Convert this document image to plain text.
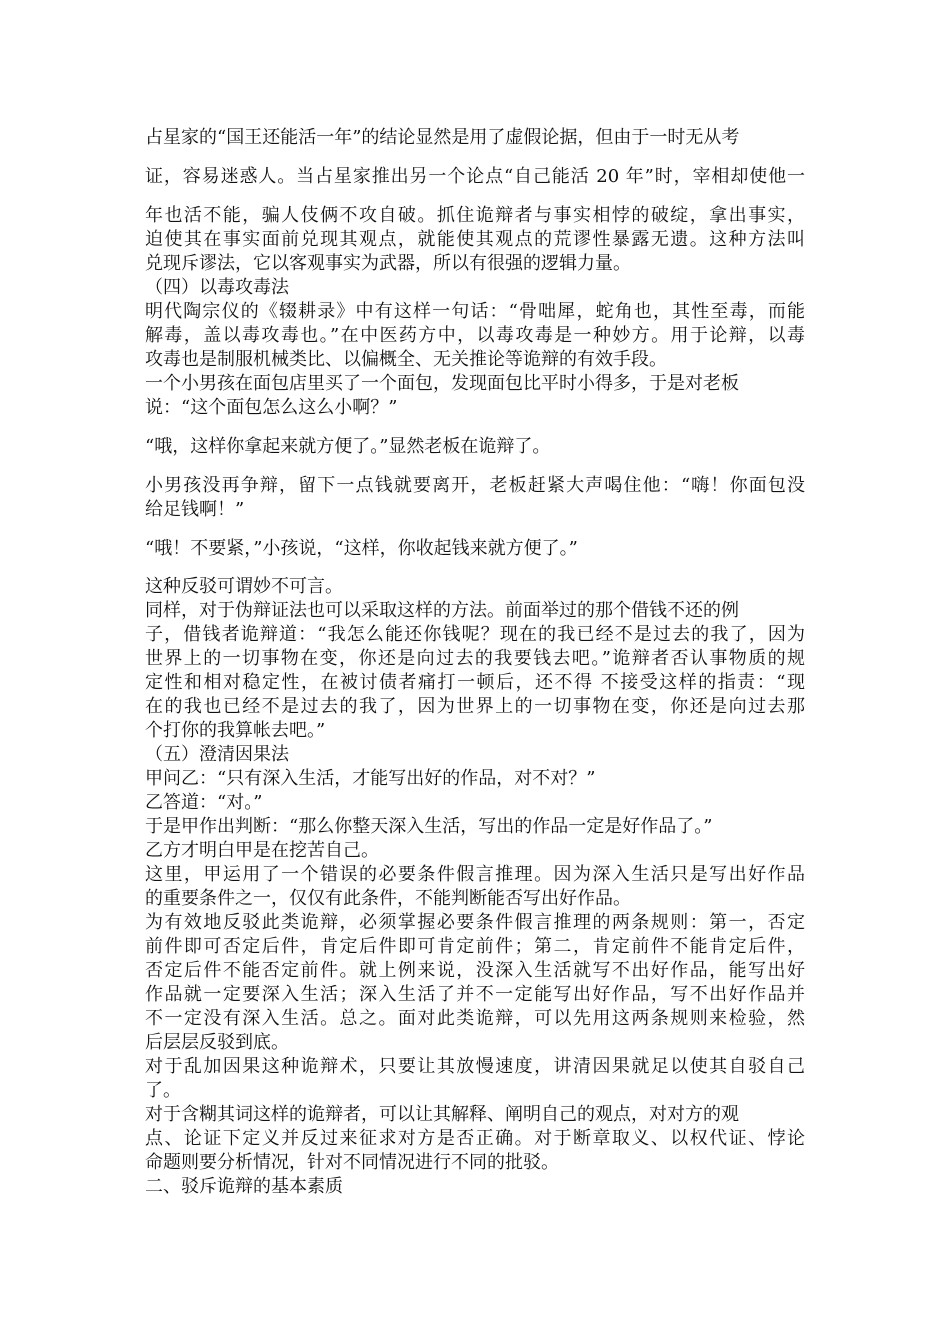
占星家的“国王还能活一年”的结论显然是用了虚假论据，但由于一时无从考
证，容易迷惑人。当占星家推出另一个论点“自己能活 20 年”时，宰相却使他一
年也活不能，骗人伎俩不攻自破。抓住诡辩者与事实相悖的破绽，拿出事实，
迫使其在事实面前兑现其观点，就能使其观点的荒谬性暴露无遗。这种方法叫
兑现斥谬法，它以客观事实为武器，所以有很强的逻辑力量。
（四）以毒攻毒法
明代陶宗仪的《辍耕录》中有这样一句话：“骨咄犀，蛇角也，其性至毒，而能
解毒，盖以毒攻毒也。”在中医药方中，以毒攻毒是一种妙方。用于论辩，以毒
攻毒也是制服机械类比、以偏概全、无关推论等诡辩的有效手段。
一个小男孩在面包店里买了一个面包，发现面包比平时小得多，于是对老板
说：“这个面包怎么这么小啊？”
“哦，这样你拿起来就方便了。”显然老板在诡辩了。
小男孩没再争辩，留下一点钱就要离开，老板赶紧大声喝住他：“嗨！你面包没
给足钱啊！”
“哦！不要紧，”小孩说，“这样，你收起钱来就方便了。”
这种反驳可谓妙不可言。
同样，对于伪辩证法也可以采取这样的方法。前面举过的那个借钱不还的例
子，借钱者诡辩道：“我怎么能还你钱呢？现在的我已经不是过去的我了，因为
世界上的一切事物在变，你还是向过去的我要钱去吧。”诡辩者否认事物质的规
定性和相对稳定性，在被讨债者痛打一顿后，还不得 不接受这样的指责：“现
在的我也已经不是过去的我了，因为世界上的一切事物在变，你还是向过去那
个打你的我算帐去吧。”
（五）澄清因果法
甲问乙：“只有深入生活，才能写出好的作品，对不对？”
乙答道：“对。”
于是甲作出判断：“那么你整天深入生活，写出的作品一定是好作品了。”
乙方才明白甲是在挖苦自己。
这里，甲运用了一个错误的必要条件假言推理。因为深入生活只是写出好作品
的重要条件之一，仅仅有此条件，不能判断能否写出好作品。
为有效地反驳此类诡辩，必须掌握必要条件假言推理的两条规则：第一，否定
前件即可否定后件，肯定后件即可肯定前件；第二，肯定前件不能肯定后件，
否定后件不能否定前件。就上例来说，没深入生活就写不出好作品，能写出好
作品就一定要深入生活；深入生活了并不一定能写出好作品，写不出好作品并
不一定没有深入生活。总之。面对此类诡辩，可以先用这两条规则来检验，然
后层层反驳到底。
对于乱加因果这种诡辩术，只要让其放慢速度，讲清因果就足以使其自驳自己
了。
对于含糊其词这样的诡辩者，可以让其解释、阐明自己的观点，对对方的观
点、论证下定义并反过来征求对方是否正确。对于断章取义、以权代证、悖论
命题则要分析情况，针对不同情况进行不同的批驳。
二、驳斥诡辩的基本素质
